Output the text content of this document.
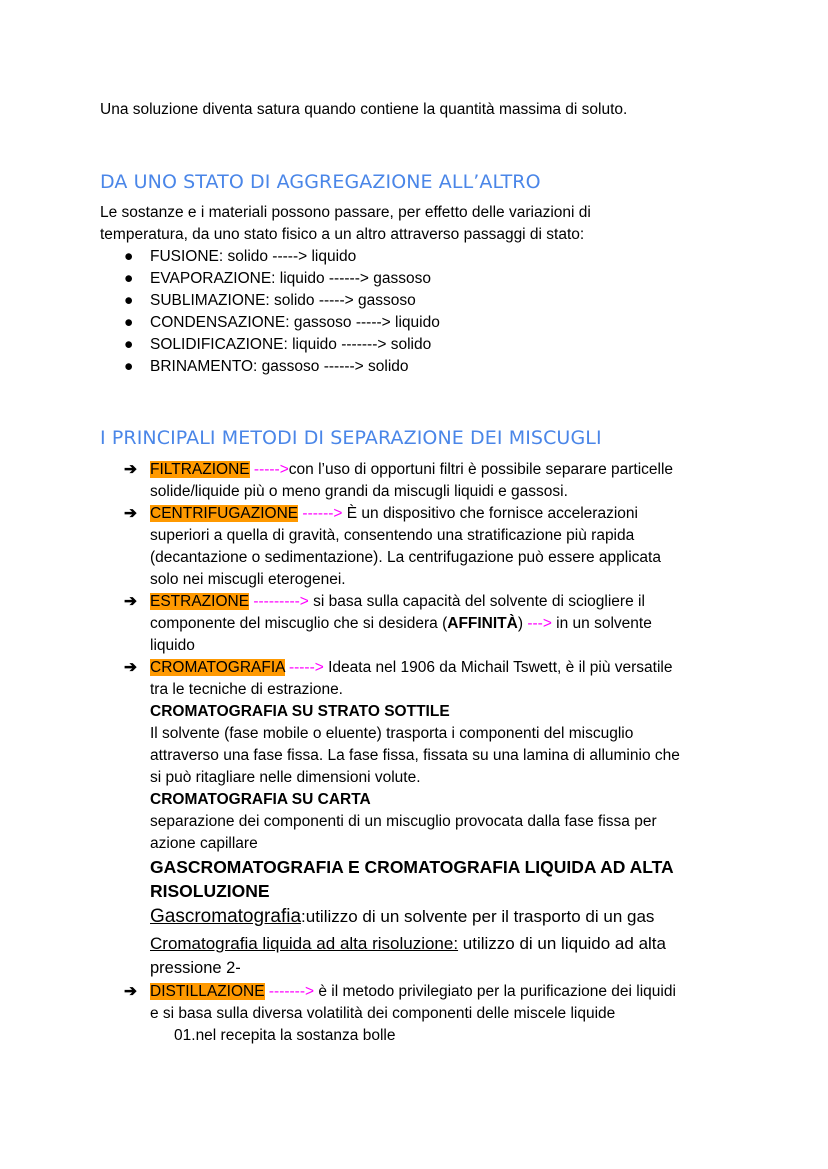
Una soluzione diventa satura quando contiene la quantità massima di soluto.
DA UNO STATO DI AGGREGAZIONE ALL’ALTRO
Le sostanze e i materiali possono passare, per effetto delle variazioni di
temperatura, da uno stato fisico a un altro attraverso passaggi di stato:
● FUSIONE: solido -----> liquido
● EVAPORAZIONE: liquido ------> gassoso
● SUBLIMAZIONE: solido -----> gassoso
● CONDENSAZIONE: gassoso -----> liquido
● SOLIDIFICAZIONE: liquido -------> solido
● BRINAMENTO: gassoso ------> solido
I PRINCIPALI METODI DI SEPARAZIONE DEI MISCUGLI
➔ FILTRAZIONE ----->con l’uso di opportuni filtri è possibile separare particelle
solide/liquide più o meno grandi da miscugli liquidi e gassosi.
➔ CENTRIFUGAZIONE ------> È un dispositivo che fornisce accelerazioni
superiori a quella di gravità, consentendo una stratificazione più rapida
(decantazione o sedimentazione). La centrifugazione può essere applicata
solo nei miscugli eterogenei.
➔ ESTRAZIONE ---------> si basa sulla capacità del solvente di sciogliere il
componente del miscuglio che si desidera (AFFINITÀ) ---> in un solvente
liquido
➔ CROMATOGRAFIA -----> Ideata nel 1906 da Michail Tswett, è il più versatile
tra le tecniche di estrazione.
CROMATOGRAFIA SU STRATO SOTTILE
Il solvente (fase mobile o eluente) trasporta i componenti del miscuglio
attraverso una fase fissa. La fase fissa, fissata su una lamina di alluminio che
si può ritagliare nelle dimensioni volute.
CROMATOGRAFIA SU CARTA
separazione dei componenti di un miscuglio provocata dalla fase fissa per
azione capillare
GASCROMATOGRAFIA E CROMATOGRAFIA LIQUIDA AD ALTA
RISOLUZIONE
Gascromatografia:utilizzo di un solvente per il trasporto di un gas
Cromatografia liquida ad alta risoluzione: utilizzo di un liquido ad alta
pressione 2-
➔ DISTILLAZIONE -------> è il metodo privilegiato per la purificazione dei liquidi
e si basa sulla diversa volatilità dei componenti delle miscele liquide
01.nel recepita la sostanza bolle
